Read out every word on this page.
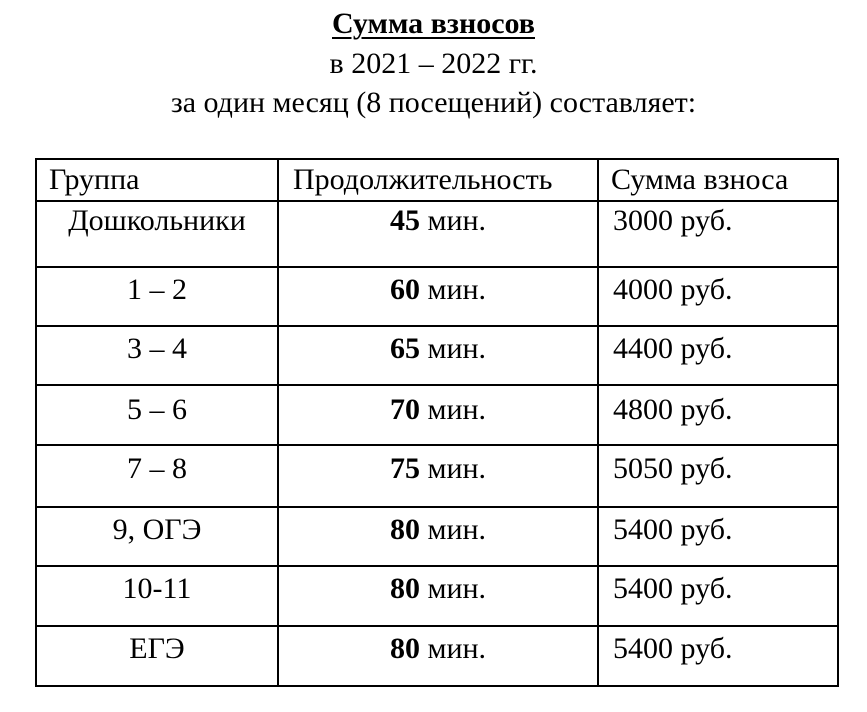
Сумма взносов
в 2021 – 2022 гг.
за один месяц (8 посещений) составляет:
Группа	Продолжительность	Сумма взноса
Дошкольники	45 мин.	3000 руб.
1 – 2	60 мин.	4000 руб.
3 – 4	65 мин.	4400 руб.
5 – 6	70 мин.	4800 руб.
7 – 8	75 мин.	5050 руб.
9, ОГЭ	80 мин.	5400 руб.
10-11	80 мин.	5400 руб.
ЕГЭ	80 мин.	5400 руб.
